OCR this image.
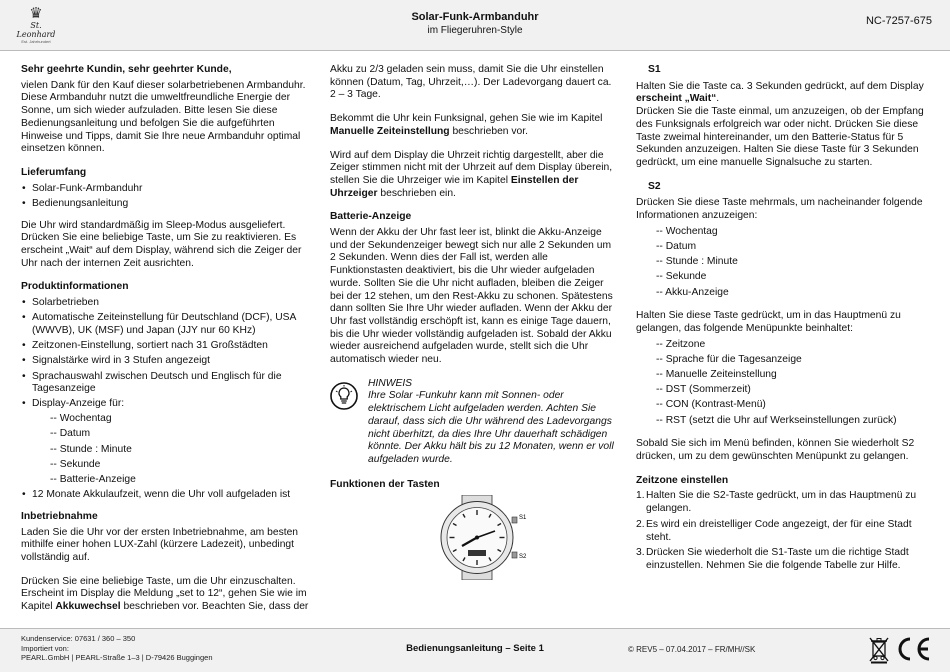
♛
St. Leonhard
Est. Jahrhundert
Solar-Funk-Armbanduhr
im Fliegeruhren-Style
NC-7257-675
Sehr geehrte Kundin, sehr geehrter Kunde,

vielen Dank für den Kauf dieser solarbetriebenen Armbanduhr. Diese Armbanduhr nutzt die umweltfreundliche Energie der Sonne, um sich wieder aufzuladen. Bitte lesen Sie diese Bedienungsanleitung und befolgen Sie die aufgeführten Hinweise und Tipps, damit Sie Ihre neue Armbanduhr optimal einsetzen können.

Lieferumfang
• Solar-Funk-Armbanduhr
• Bedienungsanleitung

Die Uhr wird standardmäßig im Sleep-Modus ausgeliefert. Drücken Sie eine beliebige Taste, um Sie zu reaktivieren. Es erscheint „Wait“ auf dem Display, während sich die Zeiger der Uhr nach der internen Zeit ausrichten.

Produktinformationen
• Solarbetrieben
• Automatische Zeiteinstellung für Deutschland (DCF), USA (WWVB), UK (MSF) und Japan (JJY nur 60 KHz)
• Zeitzonen-Einstellung, sortiert nach 31 Großstädten
• Signalstärke wird in 3 Stufen angezeigt
• Sprachauswahl zwischen Deutsch und Englisch für die Tagesanzeige
• Display-Anzeige für:
-- Wochentag
-- Datum
-- Stunde : Minute
-- Sekunde
-- Batterie-Anzeige
• 12 Monate Akkulaufzeit, wenn die Uhr voll aufgeladen ist
Inbetriebnahme

Laden Sie die Uhr vor der ersten Inbetriebnahme, am besten mithilfe einer hohen LUX-Zahl (kürzere Ladezeit), unbedingt vollständig auf.

Drücken Sie eine beliebige Taste, um die Uhr einzuschalten. Erscheint im Display die Meldung „set to 12“, gehen Sie wie im Kapitel Akkuwechsel beschrieben vor. Beachten Sie, dass der

Akku zu 2/3 geladen sein muss, damit Sie die Uhr einstellen können (Datum, Tag, Uhrzeit,…). Der Ladevorgang dauert ca. 2 – 3 Tage.

Bekommt die Uhr kein Funksignal, gehen Sie wie im Kapitel Manuelle Zeiteinstellung beschrieben vor.

Wird auf dem Display die Uhrzeit richtig dargestellt, aber die Zeiger stimmen nicht mit der Uhrzeit auf dem Display überein, stellen Sie die Uhrzeiger wie im Kapitel Einstellen der Uhrzeiger beschrieben ein.

Batterie-Anzeige

Wenn der Akku der Uhr fast leer ist, blinkt die Akku-Anzeige und der Sekundenzeiger bewegt sich nur alle 2 Sekunden um 2 Sekunden. Wenn dies der Fall ist, werden alle Funktionstasten deaktiviert, bis die Uhr wieder aufgeladen wurde. Sollten Sie die Uhr nicht aufladen, bleiben die Zeiger bei der 12 stehen, um den Rest-Akku zu schonen. Spätestens dann sollten Sie Ihre Uhr wieder aufladen. Wenn der Akku der Uhr fast vollständig erschöpft ist, kann es einige Tage dauern, bis die Uhr wieder vollständig aufgeladen ist. Sobald der Akku wieder ausreichend aufgeladen wurde, stellt sich die Uhr automatisch wieder neu.

HINWEIS
Ihre Solar -Funkuhr kann mit Sonnen- oder elektrischem Licht aufgeladen werden. Achten Sie darauf, dass sich die Uhr während des Ladevorgangs nicht überhitzt, da dies Ihre Uhr dauerhaft schädigen könnte. Der Akku hält bis zu 12 Monaten, wenn er voll aufgeladen wurde.
Funktionen der Tasten
S1
S2
S1

Halten Sie die Taste ca. 3 Sekunden gedrückt, auf dem Display erscheint „Wait“.
Drücken Sie die Taste einmal, um anzuzeigen, ob der Empfang des Funksignals erfolgreich war oder nicht. Drücken Sie diese Taste zweimal hintereinander, um den Batterie-Status für 5 Sekunden anzuzeigen. Halten Sie diese Taste für 3 Sekunden gedrückt, um eine manuelle Signalsuche zu starten.

S2

Drücken Sie diese Taste mehrmals, um nacheinander folgende Informationen anzuzeigen:

-- Wochentag
-- Datum
-- Stunde : Minute
-- Sekunde
-- Akku-Anzeige

Halten Sie diese Taste gedrückt, um in das Hauptmenü zu gelangen, das folgende Menüpunkte beinhaltet:

-- Zeitzone
-- Sprache für die Tagesanzeige
-- Manuelle Zeiteinstellung
-- DST (Sommerzeit)
-- CON (Kontrast-Menü)
-- RST (setzt die Uhr auf Werkseinstellungen zurück)

Sobald Sie sich im Menü befinden, können Sie wiederholt S2 drücken, um zu dem gewünschten Menüpunkt zu gelangen.

Zeitzone einstellen
1. Halten Sie die S2-Taste gedrückt, um in das Hauptmenü zu gelangen.
2. Es wird ein dreistelliger Code angezeigt, der für eine Stadt steht.
3. Drücken Sie wiederholt die S1-Taste um die richtige Stadt einzustellen. Nehmen Sie die folgende Tabelle zur Hilfe.
Kundenservice: 07631 / 360 – 350
Importiert von:
PEARL.GmbH | PEARL-Straße 1–3 | D-79426 Buggingen
Bedienungsanleitung – Seite 1	© REV5 – 07.04.2017 – FR/MH//SK
